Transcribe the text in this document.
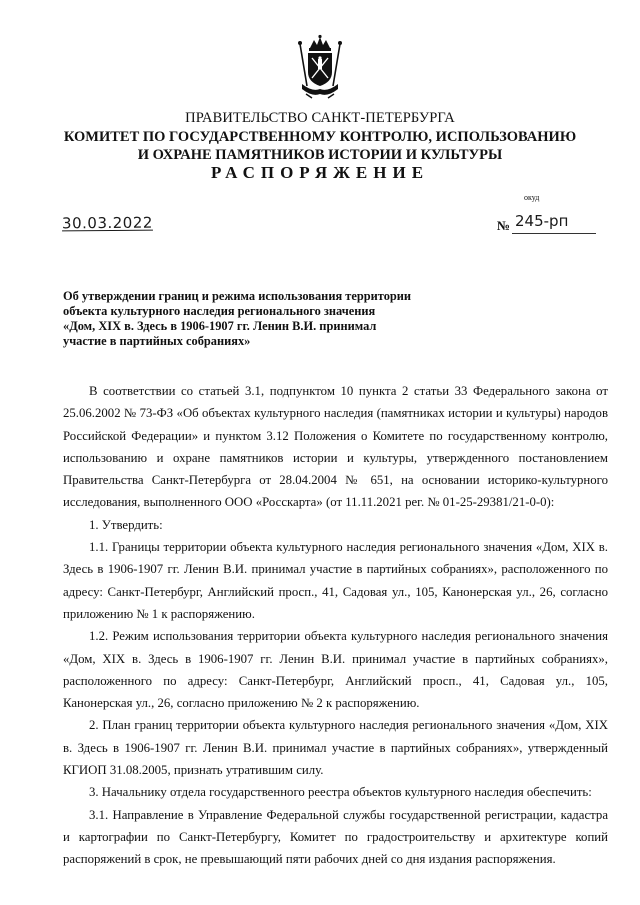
ПРАВИТЕЛЬСТВО САНКТ-ПЕТЕРБУРГА
КОМИТЕТ ПО ГОСУДАРСТВЕННОМУ КОНТРОЛЮ, ИСПОЛЬЗОВАНИЮ
И ОХРАНЕ ПАМЯТНИКОВ ИСТОРИИ И КУЛЬТУРЫ
РАСПОРЯЖЕНИЕ
окуд
30.03.2022	№ 245-рп
Об утверждении границ и режима использования территории
объекта культурного наследия регионального значения
«Дом, XIX в. Здесь в 1906-1907 гг. Ленин В.И. принимал
участие в партийных собраниях»

В соответствии со статьей 3.1, подпунктом 10 пункта 2 статьи 33 Федерального закона от 25.06.2002 № 73-ФЗ «Об объектах культурного наследия (памятниках истории и культуры) народов Российской Федерации» и пунктом 3.12 Положения о Комитете по государственному контролю, использованию и охране памятников истории и культуры, утвержденного постановлением Правительства Санкт-Петербурга от 28.04.2004 № 651, на основании историко-культурного исследования, выполненного ООО «Росскарта» (от 11.11.2021 рег. № 01-25-29381/21-0-0):

1. Утвердить:

1.1. Границы территории объекта культурного наследия регионального значения «Дом, XIX в. Здесь в 1906-1907 гг. Ленин В.И. принимал участие в партийных собраниях», расположенного по адресу: Санкт-Петербург, Английский просп., 41, Садовая ул., 105, Канонерская ул., 26, согласно приложению № 1 к распоряжению.

1.2. Режим использования территории объекта культурного наследия регионального значения «Дом, XIX в. Здесь в 1906-1907 гг. Ленин В.И. принимал участие в партийных собраниях», расположенного по адресу: Санкт-Петербург, Английский просп., 41, Садовая ул., 105, Канонерская ул., 26, согласно приложению № 2 к распоряжению.

2. План границ территории объекта культурного наследия регионального значения «Дом, XIX в. Здесь в 1906-1907 гг. Ленин В.И. принимал участие в партийных собраниях», утвержденный КГИОП 31.08.2005, признать утратившим силу.

3. Начальнику отдела государственного реестра объектов культурного наследия обеспечить:

3.1. Направление в Управление Федеральной службы государственной регистрации, кадастра и картографии по Санкт-Петербургу, Комитет по градостроительству и архитектуре копий распоряжений в срок, не превышающий пяти рабочих дней со дня издания распоряжения.
